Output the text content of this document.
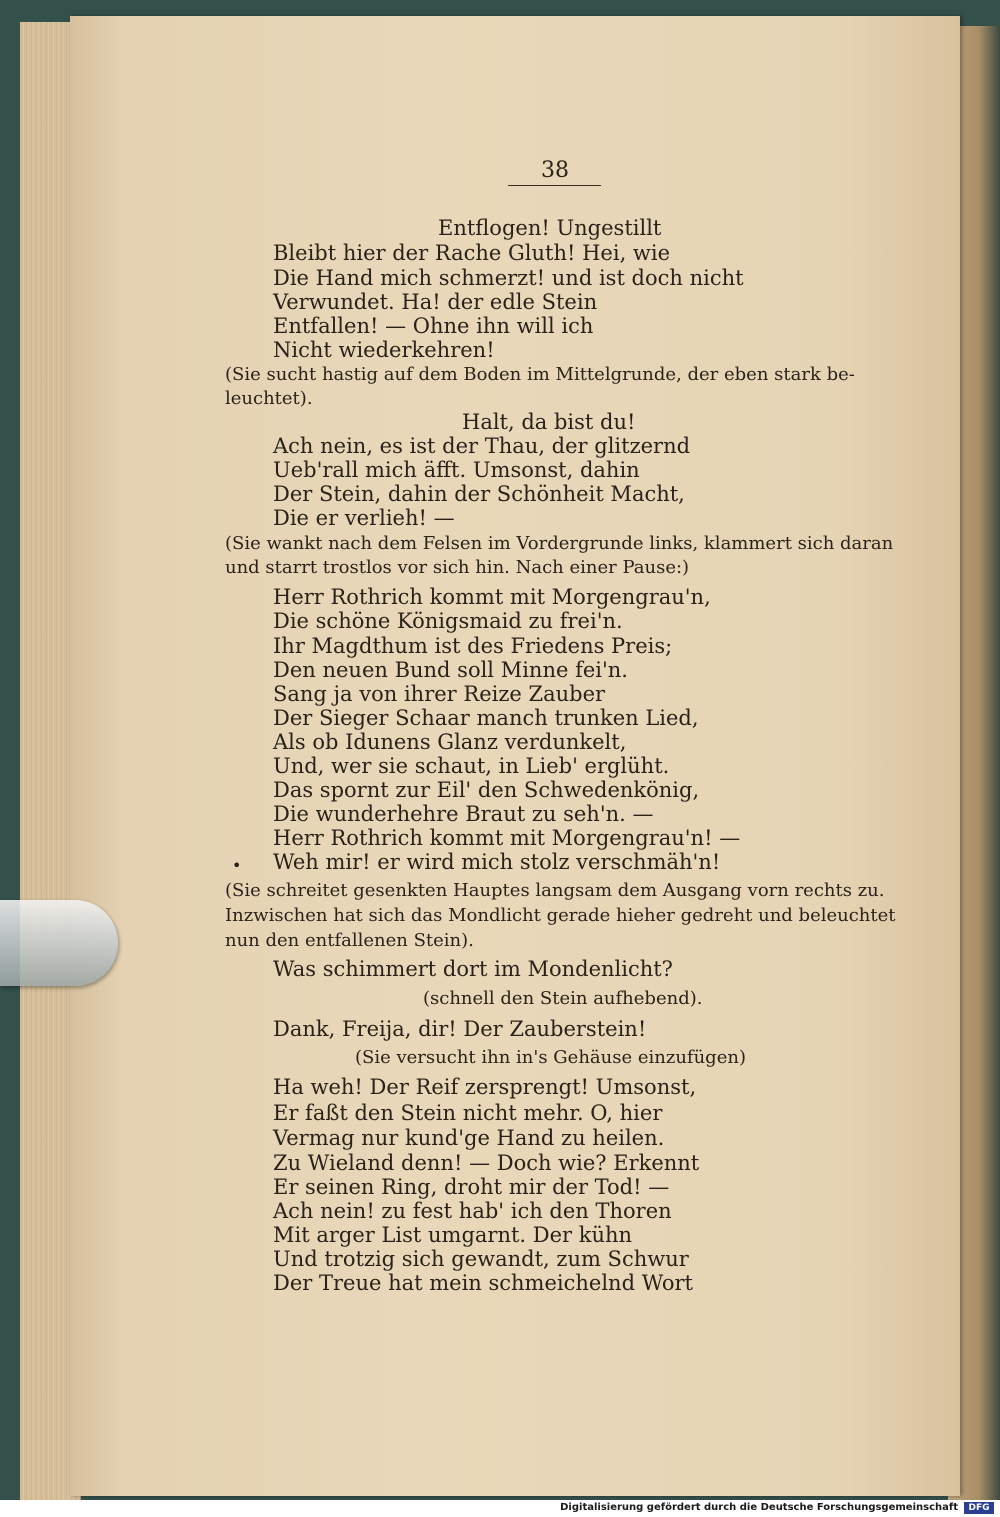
38
Entflogen! Ungestillt
Bleibt hier der Rache Gluth! Hei, wie
Die Hand mich schmerzt! und ist doch nicht
Verwundet. Ha! der edle Stein
Entfallen! — Ohne ihn will ich
Nicht wiederkehren!
(Sie sucht hastig auf dem Boden im Mittelgrunde, der eben stark be-
leuchtet).
Halt, da bist du!
Ach nein, es ist der Thau, der glitzernd
Ueb'rall mich äfft. Umsonst, dahin
Der Stein, dahin der Schönheit Macht,
Die er verlieh! —
(Sie wankt nach dem Felsen im Vordergrunde links, klammert sich daran
und starrt trostlos vor sich hin. Nach einer Pause:)
Herr Rothrich kommt mit Morgengrau'n,
Die schöne Königsmaid zu frei'n.
Ihr Magdthum ist des Friedens Preis;
Den neuen Bund soll Minne fei'n.
Sang ja von ihrer Reize Zauber
Der Sieger Schaar manch trunken Lied,
Als ob Idunens Glanz verdunkelt,
Und, wer sie schaut, in Lieb' erglüht.
Das spornt zur Eil' den Schwedenkönig,
Die wunderhehre Braut zu seh'n. —
Herr Rothrich kommt mit Morgengrau'n! —
Weh mir! er wird mich stolz verschmäh'n!
(Sie schreitet gesenkten Hauptes langsam dem Ausgang vorn rechts zu.
Inzwischen hat sich das Mondlicht gerade hieher gedreht und beleuchtet
nun den entfallenen Stein).
Was schimmert dort im Mondenlicht?
(schnell den Stein aufhebend).
Dank, Freija, dir! Der Zauberstein!
(Sie versucht ihn in's Gehäuse einzufügen)
Ha weh! Der Reif zersprengt! Umsonst,
Er faßt den Stein nicht mehr. O, hier
Vermag nur kund'ge Hand zu heilen.
Zu Wieland denn! — Doch wie? Erkennt
Er seinen Ring, droht mir der Tod! —
Ach nein! zu fest hab' ich den Thoren
Mit arger List umgarnt. Der kühn
Und trotzig sich gewandt, zum Schwur
Der Treue hat mein schmeichelnd Wort
•
Digitalisierung gefördert durch die Deutsche Forschungsgemeinschaft	DFG
